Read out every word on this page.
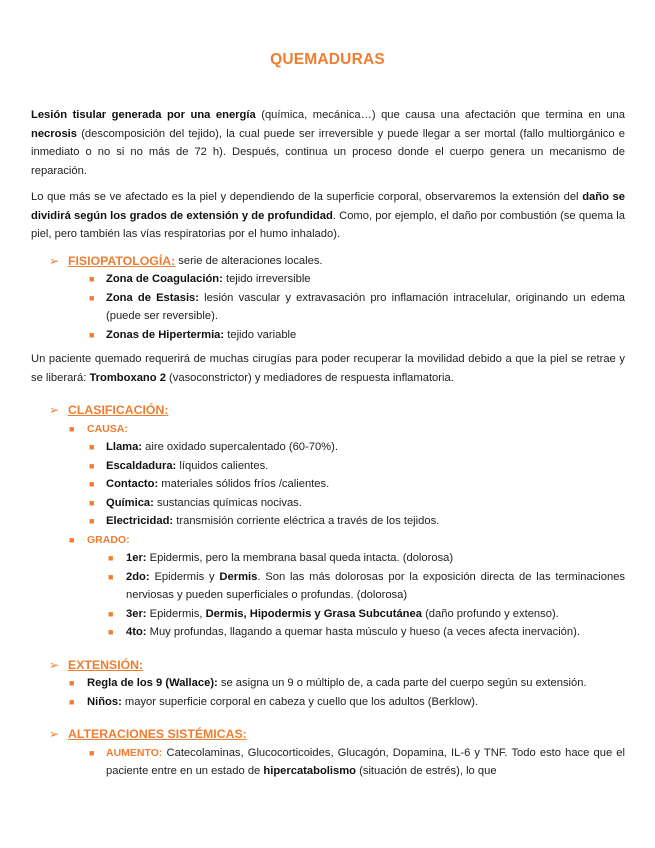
QUEMADURAS

Lesión tisular generada por una energía (química, mecánica…) que causa una afectación que termina en una necrosis (descomposición del tejido), la cual puede ser irreversible y puede llegar a ser mortal (fallo multiorgánico e inmediato o no si no más de 72 h). Después, continua un proceso donde el cuerpo genera un mecanismo de reparación.

Lo que más se ve afectado es la piel y dependiendo de la superficie corporal, observaremos la extensión del daño se dividirá según los grados de extensión y de profundidad. Como, por ejemplo, el daño por combustión (se quema la piel, pero también las vías respiratorias por el humo inhalado).

➢ FISIOPATOLOGÍA: serie de alteraciones locales.
■ Zona de Coagulación: tejido irreversible
■ Zona de Estasis: lesión vascular y extravasación pro inflamación intracelular, originando un edema (puede ser reversible).
■ Zonas de Hipertermia: tejido variable

Un paciente quemado requerirá de muchas cirugías para poder recuperar la movilidad debido a que la piel se retrae y se liberará: Tromboxano 2 (vasoconstrictor) y mediadores de respuesta inflamatoria.

➢ CLASIFICACIÓN:
■ CAUSA:
■ Llama: aire oxidado supercalentado (60-70%).
■ Escaldadura: líquidos calientes.
■ Contacto: materiales sólidos fríos /calientes.
■ Química: sustancias químicas nocivas.
■ Electricidad: transmisión corriente eléctrica a través de los tejidos.
■ GRADO:
■ 1er: Epidermis, pero la membrana basal queda intacta. (dolorosa)
■ 2do: Epidermis y Dermis. Son las más dolorosas por la exposición directa de las terminaciones nerviosas y pueden superficiales o profundas. (dolorosa)
■ 3er: Epidermis, Dermis, Hipodermis y Grasa Subcutánea (daño profundo y extenso).
■ 4to: Muy profundas, llagando a quemar hasta músculo y hueso (a veces afecta inervación).
➢ EXTENSIÓN:
■ Regla de los 9 (Wallace): se asigna un 9 o múltiplo de, a cada parte del cuerpo según su extensión.
■ Niños: mayor superficie corporal en cabeza y cuello que los adultos (Berklow).
➢ ALTERACIONES SISTÉMICAS:
■ AUMENTO: Catecolaminas, Glucocorticoides, Glucagón, Dopamina, IL-6 y TNF. Todo esto hace que el paciente entre en un estado de hipercatabolismo (situación de estrés), lo que
